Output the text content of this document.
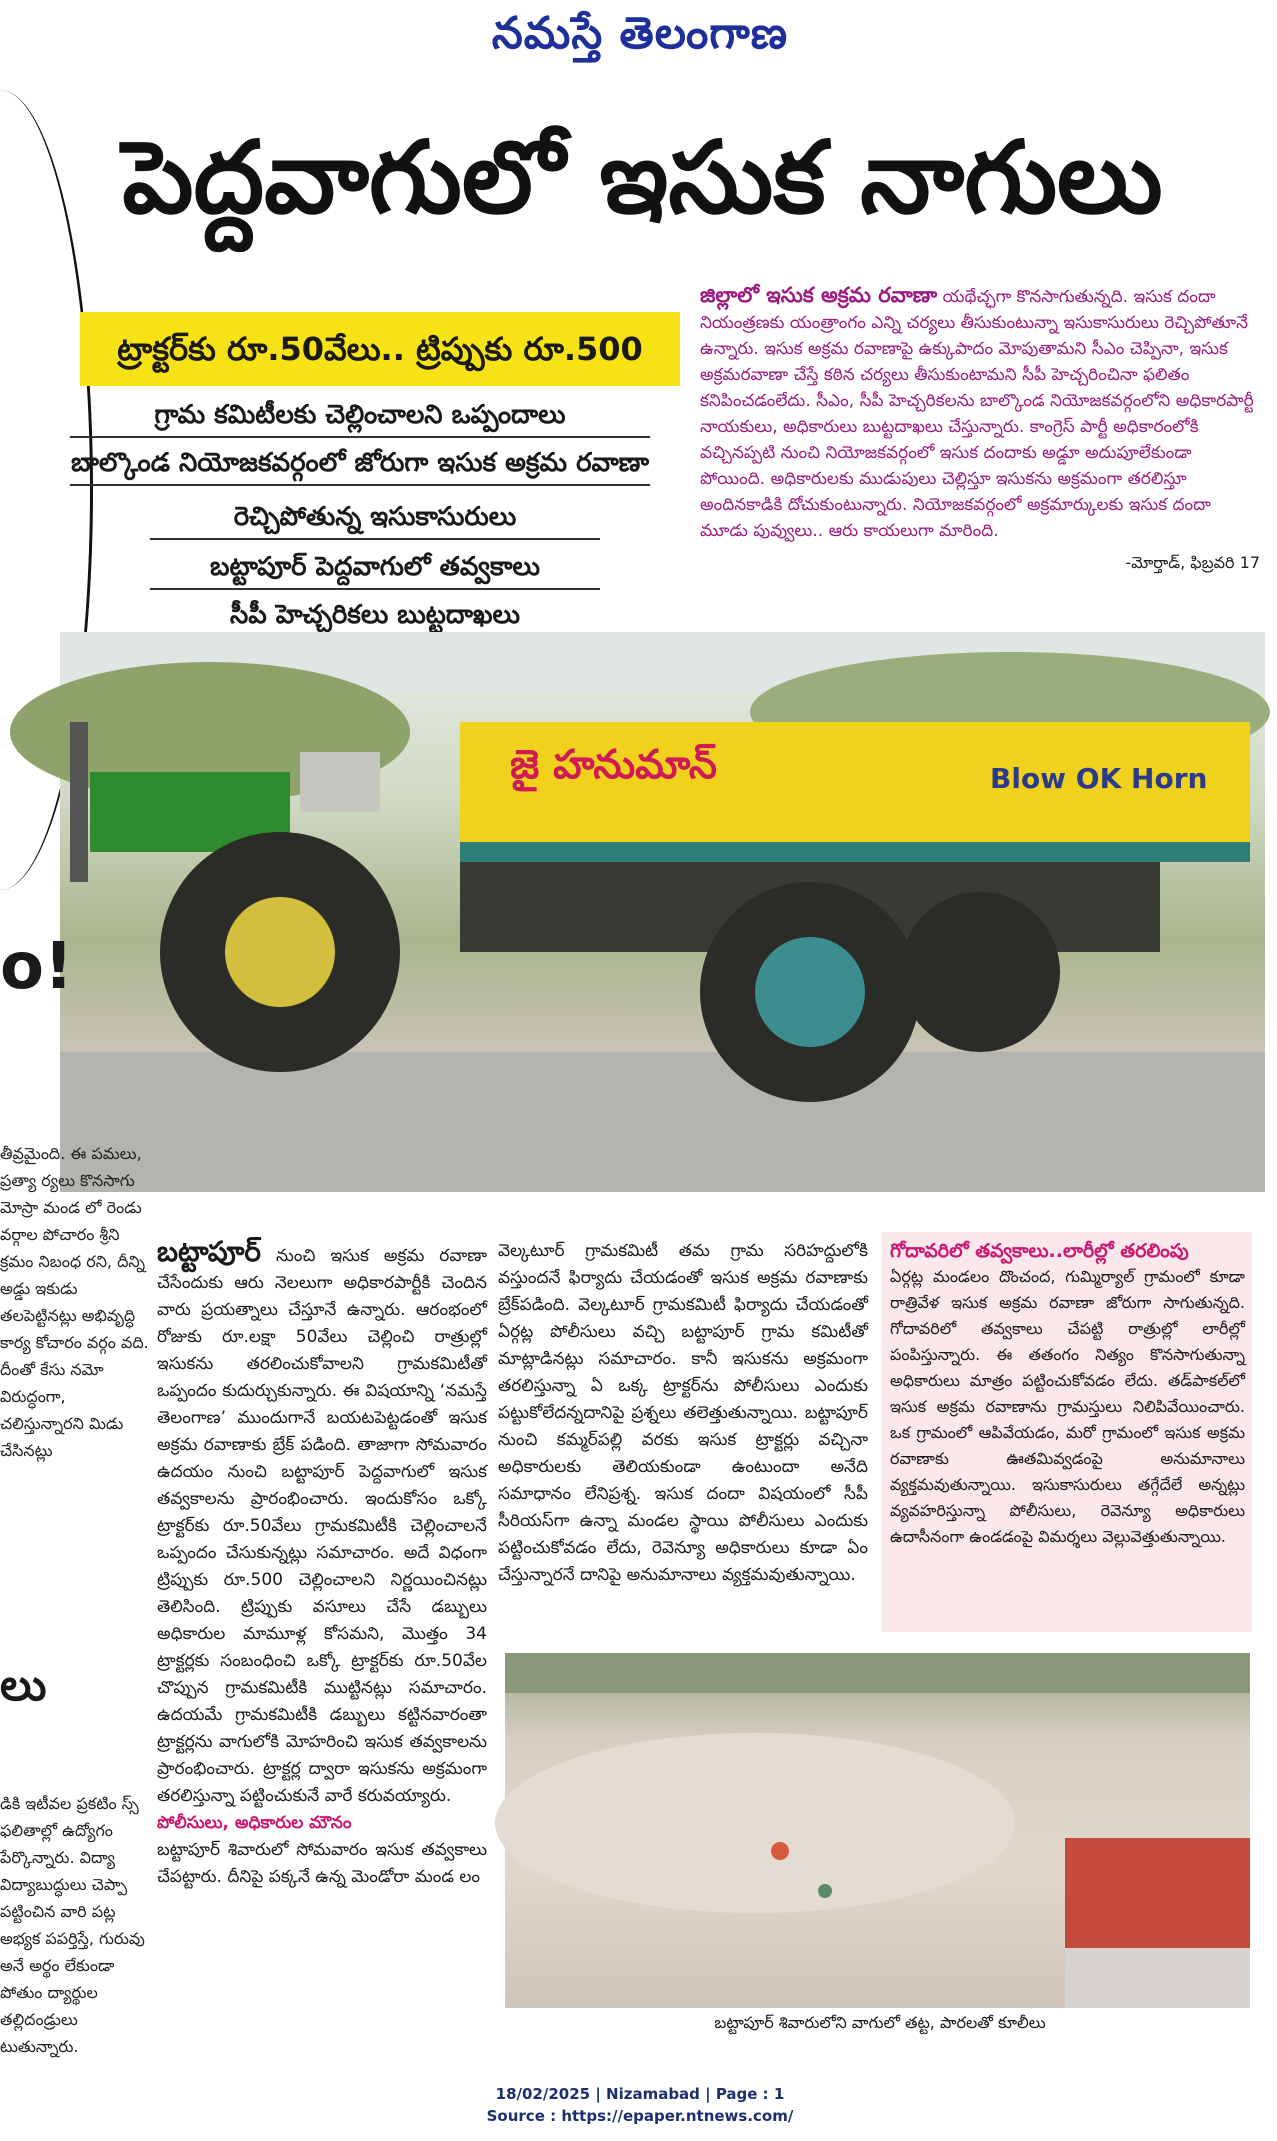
నమస్తే తెలంగాణ
పెద్దవాగులో ఇసుక నాగులు
ట్రాక్టర్‌కు రూ.50వేలు.. ట్రిప్పుకు రూ.500
గ్రామ కమిటీలకు చెల్లించాలని ఒప్పందాలు
బాల్కొండ నియోజకవర్గంలో జోరుగా ఇసుక అక్రమ రవాణా
రెచ్చిపోతున్న ఇసుకాసురులు
బట్టాపూర్‌ పెద్దవాగులో తవ్వకాలు
సీపీ హెచ్చరికలు బుట్టదాఖలు
జిల్లాలో ఇసుక అక్రమ రవాణా యథేచ్ఛగా కొనసాగుతున్నది. ఇసుక దందా నియంత్రణకు యంత్రాంగం ఎన్ని చర్యలు తీసుకుంటున్నా ఇసుకాసురులు రెచ్చిపోతూనే ఉన్నారు. ఇసుక అక్రమ రవాణాపై ఉక్కుపాదం మోపుతామని సీఎం చెప్పినా, ఇసుక అక్రమరవాణా చేస్తే కఠిన చర్యలు తీసుకుంటామని సీపీ హెచ్చరించినా ఫలితం కనిపించడంలేదు. సీఎం, సీపీ హెచ్చరికలను బాల్కొండ నియోజకవర్గంలోని అధికారపార్టీ నాయకులు, అధికారులు బుట్టదాఖలు చేస్తున్నారు. కాంగ్రెస్‌ పార్టీ అధికారంలోకి వచ్చినప్పటి నుంచి నియోజకవర్గంలో ఇసుక దందాకు అడ్డూ అదుపూలేకుండా పోయింది. అధికారులకు ముడుపులు చెల్లిస్తూ ఇసుకను అక్రమంగా తరలిస్తూ అందినకాడికి దోచుకుంటున్నారు. నియోజకవర్గంలో అక్రమార్కులకు ఇసుక దందా మూడు పువ్వులు.. ఆరు కాయలుగా మారింది.
-మోర్తాడ్‌, ఫిబ్రవరి 17
జై హనుమాన్	Blow OK Horn
o!
తీవ్రమైంది. ఈ పమలు, ప్రత్యా ర్యలు కొనసాగు మోస్రా మండ లో రెండు వర్గాల పోచారం శ్రీని క్రమం నిబంధ రని, దీన్ని అడ్డు ఇకుడు తలపెట్టినట్లు అభివృద్ధి కార్య కోచారం వర్గం వది. దీంతో కేసు నమో విరుద్ధంగా, చలిస్తున్నారని మిడు చేసినట్లు
లు
డికి ఇటీవల ప్రకటిం స్స్‌ ఫలితాల్లో ఉద్యోగం పేర్కొన్నారు. విద్యా విద్యాబుద్ధులు చెప్పా పట్టించిన వారి పట్ల అభ్యక పపర్తిస్తే, గురువు అనే అర్థం లేకుండా పోతుం ద్యార్థుల తల్లిదండ్రులు టుతున్నారు.
బట్టాపూర్‌ నుంచి ఇసుక అక్రమ రవాణా చేసేందుకు ఆరు నెలలుగా అధికారపార్టీకి చెందిన వారు ప్రయత్నాలు చేస్తూనే ఉన్నారు. ఆరంభంలో రోజుకు రూ.లక్షా 50వేలు చెల్లించి రాత్రుల్లో ఇసుకను తరలించుకోవాలని గ్రామకమిటీతో ఒప్పందం కుదుర్చుకున్నారు. ఈ విషయాన్ని ‘నమస్తే తెలంగాణ’ ముందుగానే బయటపెట్టడంతో ఇసుక అక్రమ రవాణాకు బ్రేక్‌ పడింది. తాజాగా సోమవారం ఉదయం నుంచి బట్టాపూర్‌ పెద్దవాగులో ఇసుక తవ్వకాలను ప్రారంభించారు. ఇందుకోసం ఒక్కో ట్రాక్టర్‌కు రూ.50వేలు గ్రామకమిటీకి చెల్లించాలనే ఒప్పందం చేసుకున్నట్లు సమాచారం. అదే విధంగా ట్రిప్పుకు రూ.500 చెల్లించాలని నిర్ణయించినట్లు తెలిసింది. ట్రిప్పుకు వసూలు చేసే డబ్బులు అధికారుల మామూళ్ల కోసమని, మొత్తం 34 ట్రాక్టర్లకు సంబంధించి ఒక్కో ట్రాక్టర్‌కు రూ.50వేల చొప్పున గ్రామకమిటీకి ముట్టినట్లు సమాచారం. ఉదయమే గ్రామకమిటీకి డబ్బులు కట్టినవారంతా ట్రాక్టర్లను వాగులోకి మోహరించి ఇసుక తవ్వకాలను ప్రారంభించారు. ట్రాక్టర్ల ద్వారా ఇసుకను అక్రమంగా తరలిస్తున్నా పట్టించుకునే వారే కరువయ్యారు.
పోలీసులు, అధికారుల మౌనం
బట్టాపూర్‌ శివారులో సోమవారం ఇసుక తవ్వకాలు చేపట్టారు. దీనిపై పక్కనే ఉన్న మెండోరా మండ లం
వెల్కటూర్‌ గ్రామకమిటీ తమ గ్రామ సరిహద్దులోకి వస్తుందనే ఫిర్యాదు చేయడంతో ఇసుక అక్రమ రవాణాకు బ్రేక్‌పడింది. వెల్కటూర్‌ గ్రామకమిటీ ఫిర్యాదు చేయడంతో ఏర్గట్ల పోలీసులు వచ్చి బట్టాపూర్‌ గ్రామ కమిటీతో మాట్లాడినట్లు సమాచారం. కానీ ఇసుకను అక్రమంగా తరలిస్తున్నా ఏ ఒక్క ట్రాక్టర్‌ను పోలీసులు ఎందుకు పట్టుకోలేదన్నదానిపై ప్రశ్నలు తలెత్తుతున్నాయి. బట్టాపూర్‌ నుంచి కమ్మర్‌పల్లి వరకు ఇసుక ట్రాక్టర్లు వచ్చినా అధికారులకు తెలియకుండా ఉంటుందా అనేది సమాధానం లేనిప్రశ్న. ఇసుక దందా విషయంలో సీపీ సీరియస్‌గా ఉన్నా మండల స్థాయి పోలీసులు ఎందుకు పట్టించుకోవడం లేదు, రెవెన్యూ అధికారులు కూడా ఏం చేస్తున్నారనే దానిపై అనుమానాలు వ్యక్తమవుతున్నాయి.
గోదావరిలో తవ్వకాలు..లారీల్లో తరలింపు
ఏర్గట్ల మండలం దొంచంద, గుమ్మిర్యాల్‌ గ్రామంలో కూడా రాత్రివేళ ఇసుక అక్రమ రవాణా జోరుగా సాగుతున్నది. గోదావరిలో తవ్వకాలు చేపట్టి రాత్రుల్లో లారీల్లో పంపిస్తున్నారు. ఈ తతంగం నిత్యం కొనసాగుతున్నా అధికారులు మాత్రం పట్టించుకోవడం లేదు. తడ్‌పాకల్‌లో ఇసుక అక్రమ రవాణాను గ్రామస్తులు నిలిపివేయించారు. ఒక గ్రామంలో ఆపివేయడం, మరో గ్రామంలో ఇసుక అక్రమ రవాణాకు ఊతమివ్వడంపై అనుమానాలు వ్యక్తమవుతున్నాయి. ఇసుకాసురులు తగ్గేదేలే అన్నట్లు వ్యవహరిస్తున్నా పోలీసులు, రెవెన్యూ అధికారులు ఉదాసీనంగా ఉండడంపై విమర్శలు వెల్లువెత్తుతున్నాయి.
బట్టాపూర్‌ శివారులోని వాగులో తట్ట, పారలతో కూలీలు
18/02/2025 | Nizamabad | Page : 1
Source : https://epaper.ntnews.com/
